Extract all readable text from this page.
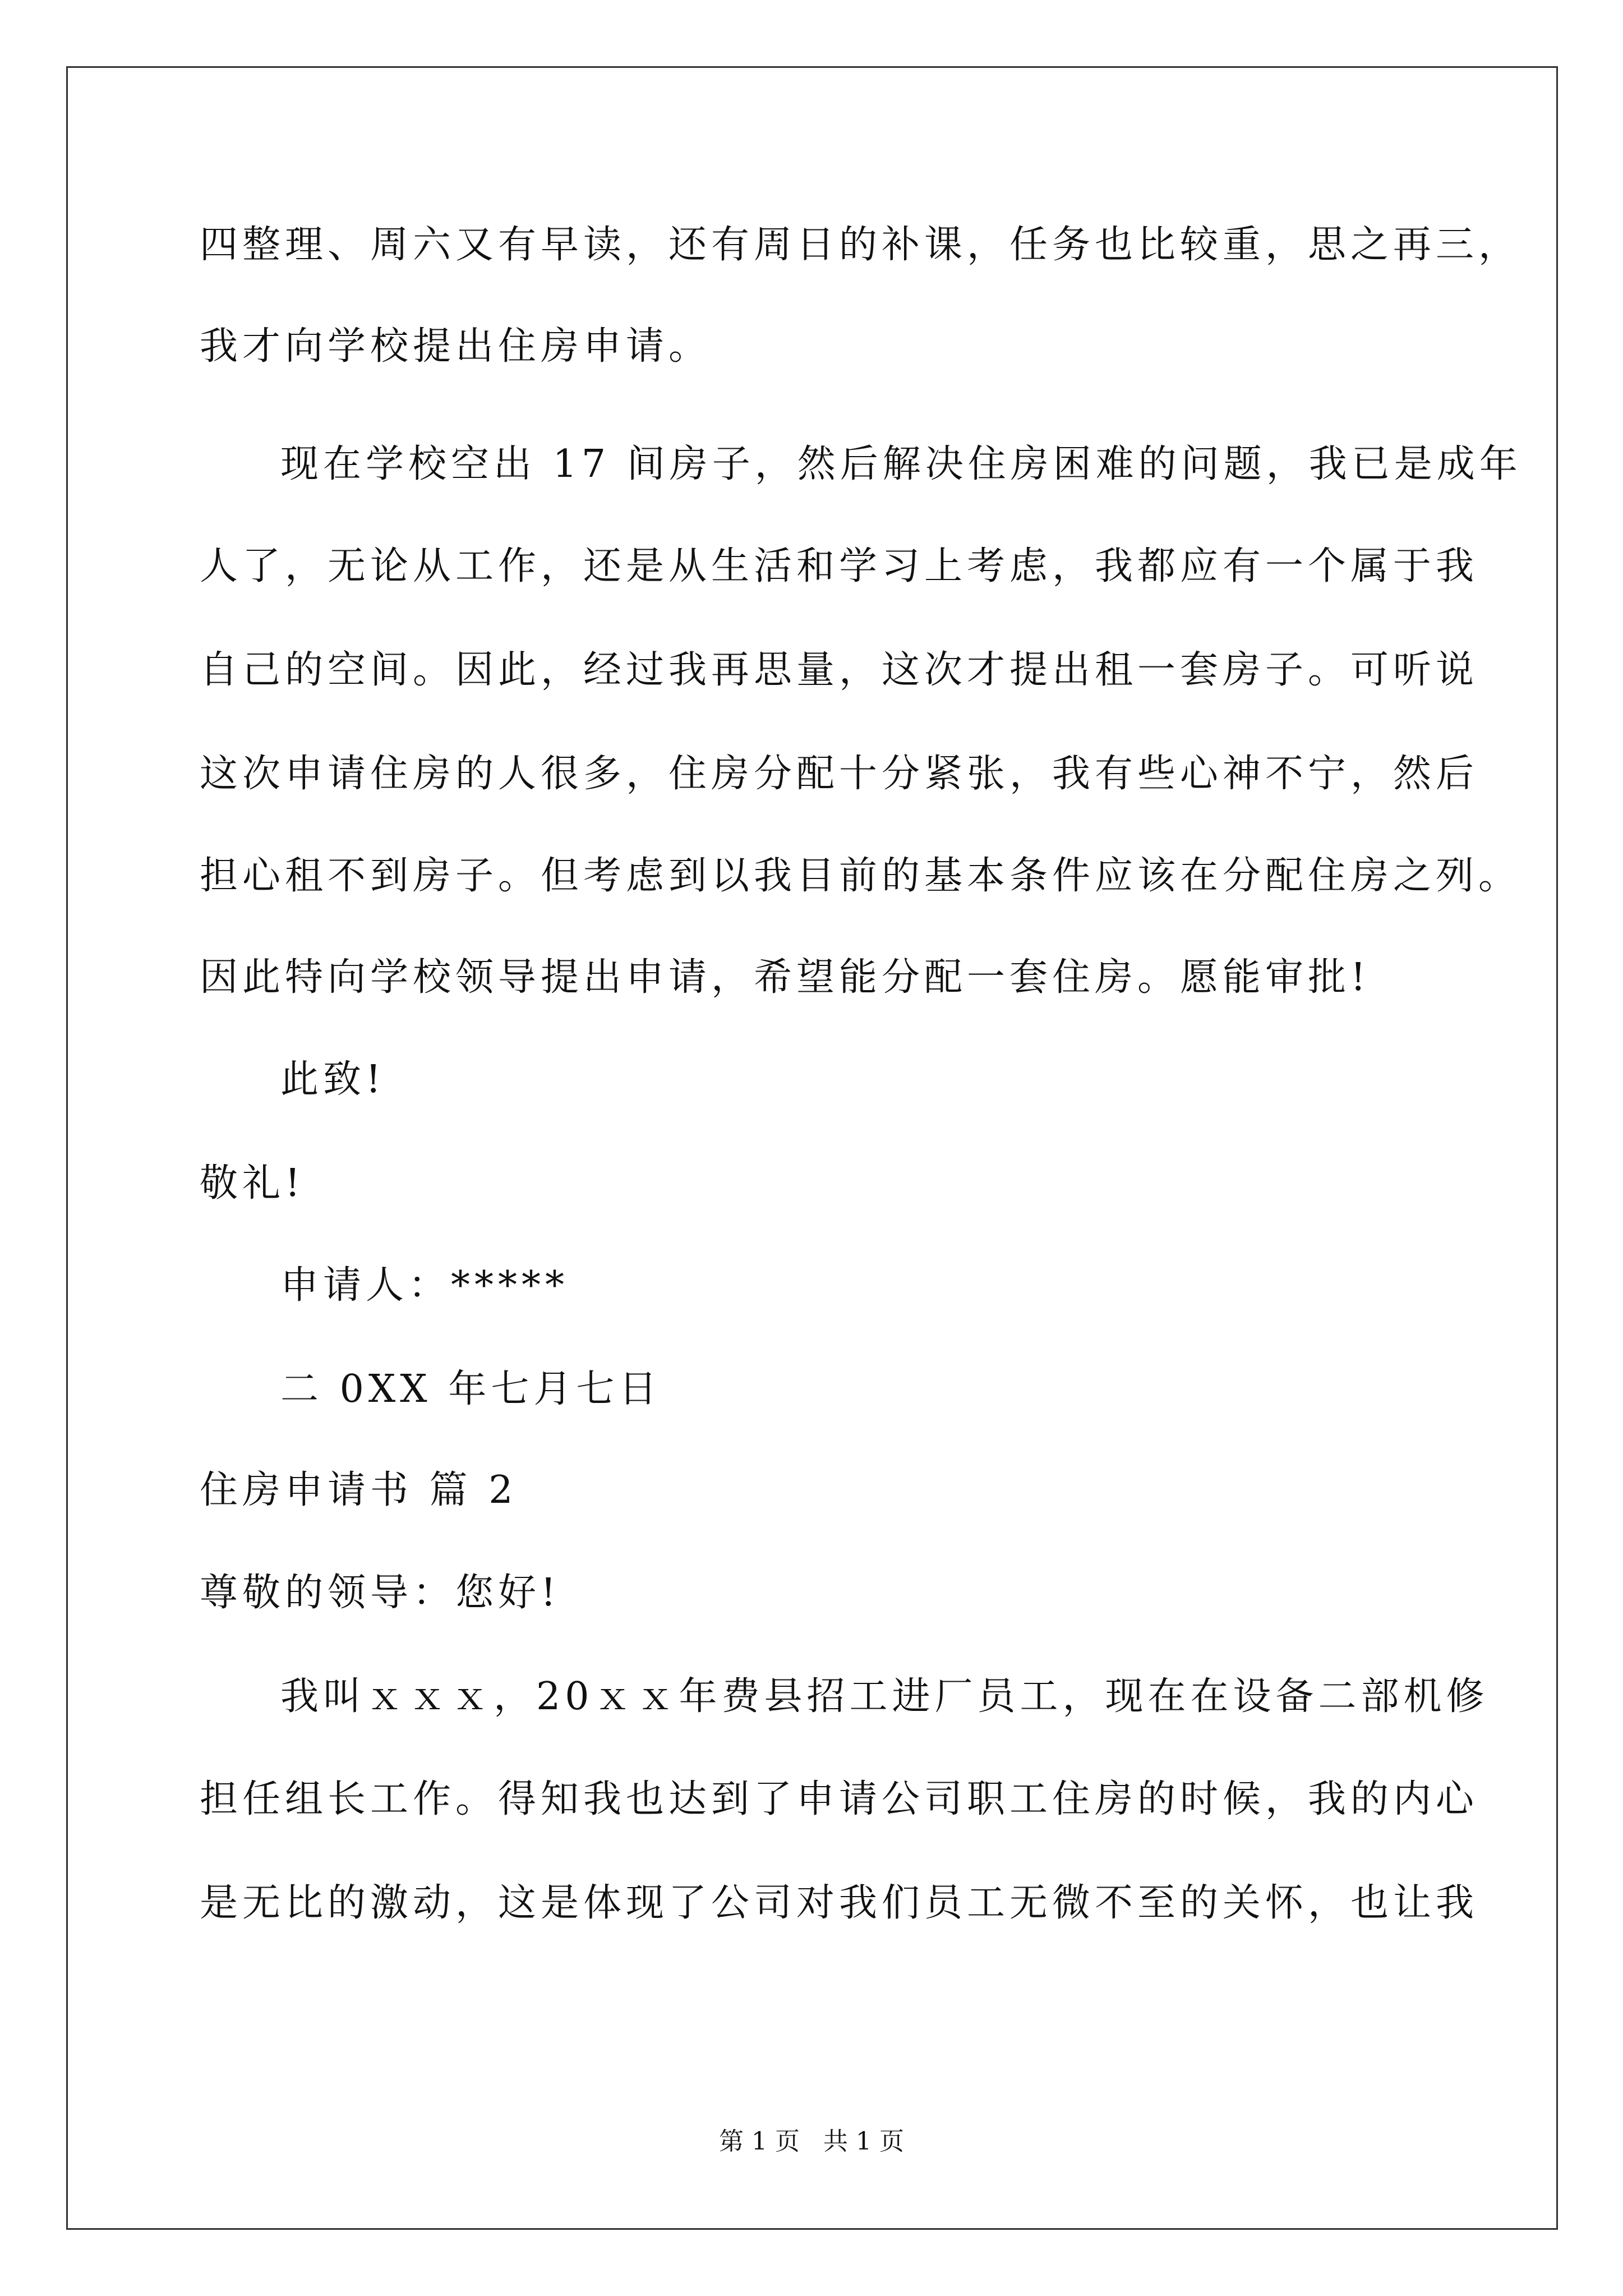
四整理、周六又有早读，还有周日的补课，任务也比较重，思之再三，
我才向学校提出住房申请。
现在学校空出 17 间房子，然后解决住房困难的问题，我已是成年
人了，无论从工作，还是从生活和学习上考虑，我都应有一个属于我
自己的空间。因此，经过我再思量，这次才提出租一套房子。可听说
这次申请住房的人很多，住房分配十分紧张，我有些心神不宁，然后
担心租不到房子。但考虑到以我目前的基本条件应该在分配住房之列。
因此特向学校领导提出申请，希望能分配一套住房。愿能审批!
此致!
敬礼!
申请人：*****
二 0XX 年七月七日
住房申请书 篇 2
尊敬的领导：您好!
我叫ｘｘｘ，20ｘｘ年费县招工进厂员工，现在在设备二部机修
担任组长工作。得知我也达到了申请公司职工住房的时候，我的内心
是无比的激动，这是体现了公司对我们员工无微不至的关怀，也让我
第 1 页   共 1 页
